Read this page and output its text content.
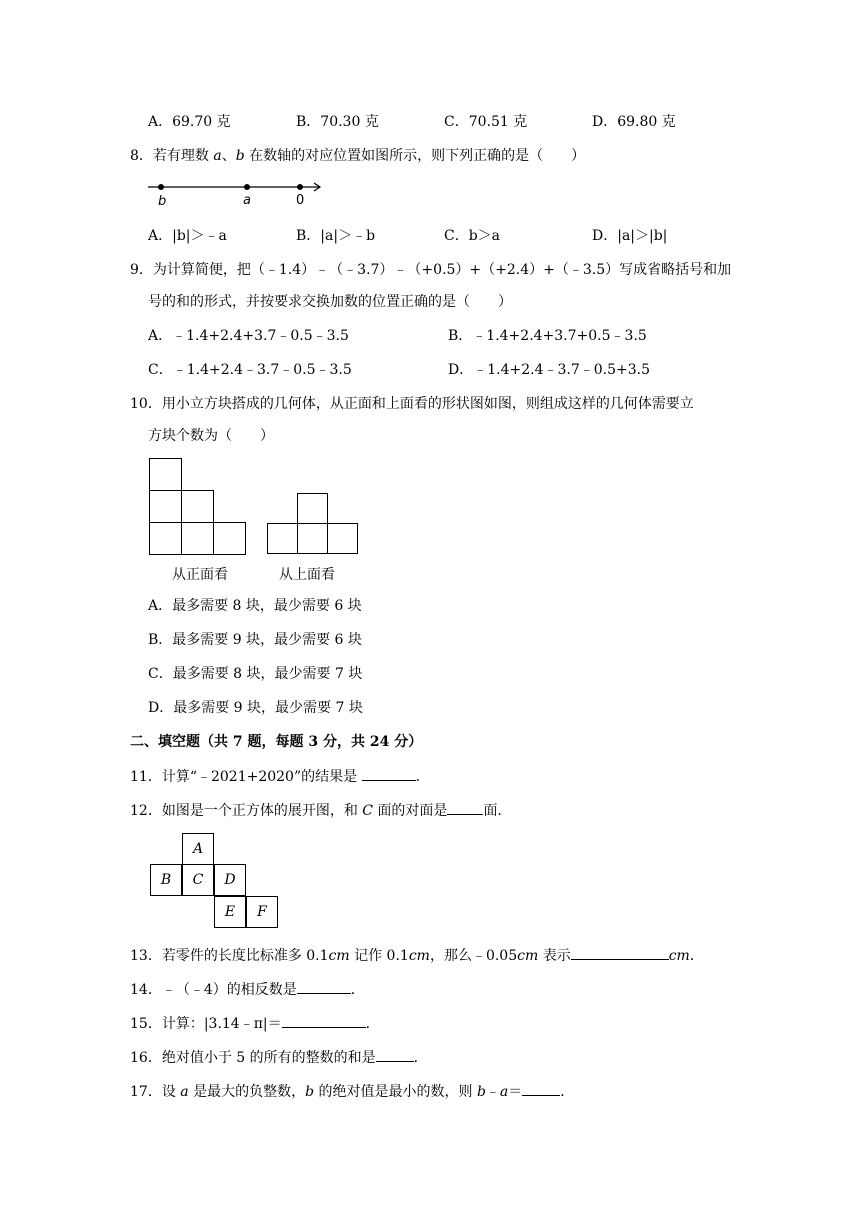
A．69.70 克	B．70.30 克	C．70.51 克	D．69.80 克
8．若有理数 a、b 在数轴的对应位置如图所示，则下列正确的是（　　）
b	a	0
A．|b|＞﹣a	B．|a|＞﹣b	C．b＞a	D．|a|＞|b|
9．为计算简便，把（﹣1.4）﹣（﹣3.7）﹣（+0.5）+（+2.4）+（﹣3.5）写成省略括号和加
号的和的形式，并按要求交换加数的位置正确的是（　　）
A．﹣1.4+2.4+3.7﹣0.5﹣3.5	B．﹣1.4+2.4+3.7+0.5﹣3.5
C．﹣1.4+2.4﹣3.7﹣0.5﹣3.5	D．﹣1.4+2.4﹣3.7﹣0.5+3.5
10．用小立方块搭成的几何体，从正面和上面看的形状图如图，则组成这样的几何体需要立
方块个数为（　　）
从正面看	从上面看
A．最多需要 8 块，最少需要 6 块
B．最多需要 9 块，最少需要 6 块
C．最多需要 8 块，最少需要 7 块
D．最多需要 9 块，最少需要 7 块
二、填空题（共 7 题，每题 3 分，共 24 分）
11．计算“﹣2021+2020”的结果是	．
12．如图是一个正方体的展开图，和 C 面的对面是	面．
A
B	C	D
E	F
13．若零件的长度比标准多 0.1cm 记作 0.1cm，那么﹣0.05cm 表示	cm．
14．﹣（﹣4）的相反数是	．
15．计算：|3.14﹣π|＝	．
16．绝对值小于 5 的所有的整数的和是	．
17．设 a 是最大的负整数，b 的绝对值是最小的数，则 b﹣a＝	．
